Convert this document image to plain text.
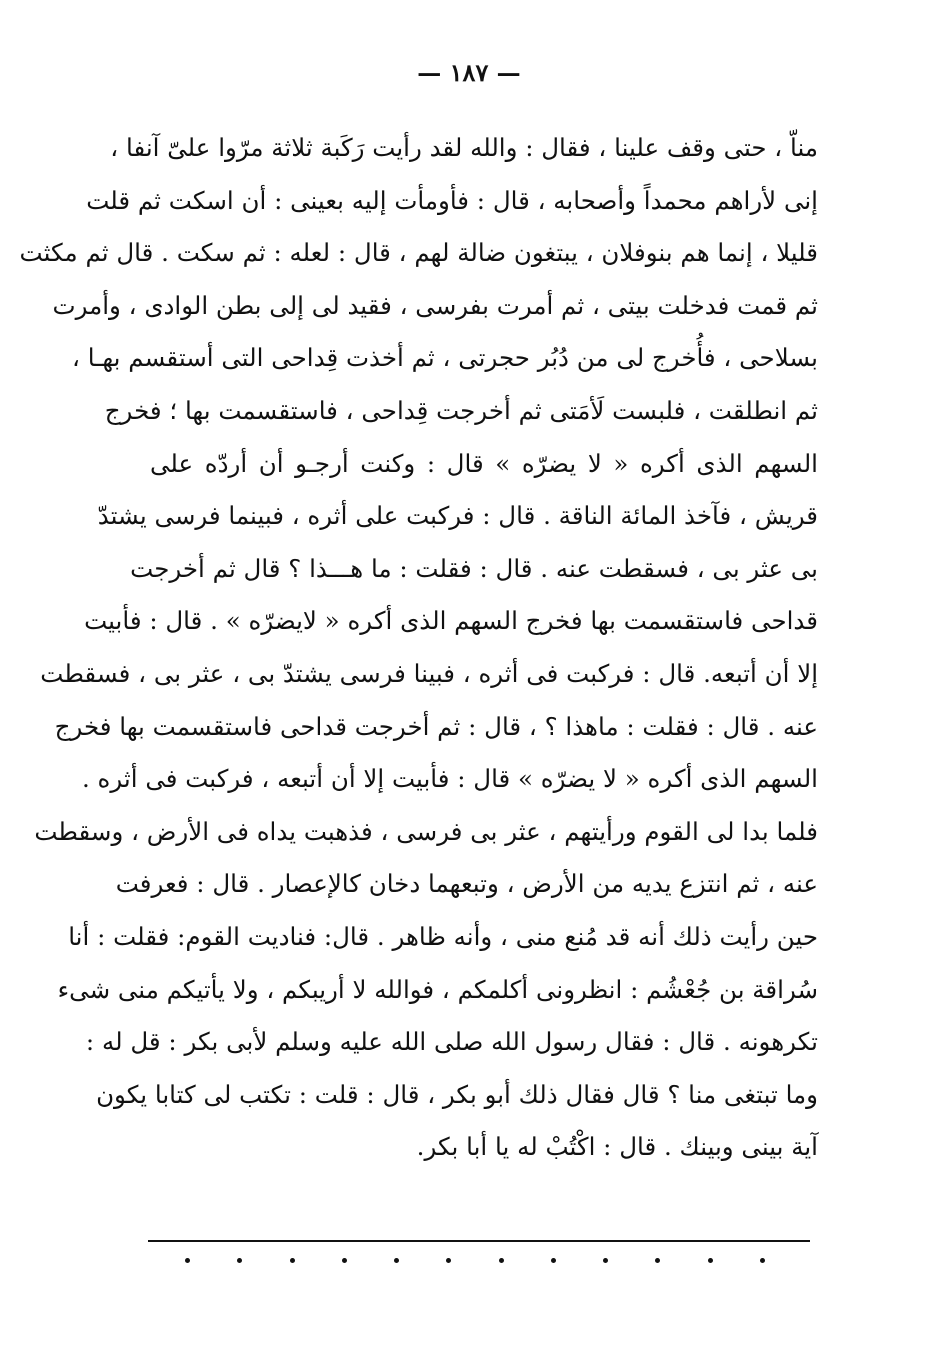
— ١٨٧ —
مناّ ، حتى وقف علينا ، فقال : والله لقد رأيت رَكَبة ثلاثة مرّوا علىّ آنفا ،
إنى لأراهم محمداً وأصحابه ، قال : فأومأت إليه بعينى : أن اسكت ثم قلت
قليلا ، إنما هم بنوفلان ، يبتغون ضالة لهم ، قال : لعله : ثم سكت . قال ثم مكثت
ثم قمت فدخلت بيتى ، ثم أمرت بفرسى ، فقيد لى إلى بطن الوادى ، وأمرت
بسلاحى ، فأُخرج لى من دُبُر حجرتى ، ثم أخذت قِداحى التى أستقسم بهـا ،
ثم انطلقت ، فلبست لَأمَتى ثم أخرجت قِداحى ، فاستقسمت بها ؛ فخرج
السهم الذى أكره « لا يضرّه » قال : وكنت أرجـو أن أردّه على
قريش ، فآخذ المائة الناقة . قال : فركبت على أثره ، فبينما فرسى يشتدّ
بى عثر بى ، فسقطت عنه . قال : فقلت : ما هـــذا ؟ قال ثم أخرجت
قداحى فاستقسمت بها فخرج السهم الذى أكره « لايضرّه » . قال : فأبيت
إلا أن أتبعه. قال : فركبت فى أثره ، فبينا فرسى يشتدّ بى ، عثر بى ، فسقطت
عنه . قال : فقلت : ماهذا ؟ ، قال : ثم أخرجت قداحى فاستقسمت بها فخرج
السهم الذى أكره « لا يضرّه » قال : فأبيت إلا أن أتبعه ، فركبت فى أثره .
فلما بدا لى القوم ورأيتهم ، عثر بى فرسى ، فذهبت يداه فى الأرض ، وسقطت
عنه ، ثم انتزع يديه من الأرض ، وتبعهما دخان كالإعصار . قال : فعرفت
حين رأيت ذلك أنه قد مُنع منى ، وأنه ظاهر . قال: فناديت القوم: فقلت : أنا
سُراقة بن جُعْشُم : انظرونى أكلمكم ، فوالله لا أريبكم ، ولا يأتيكم منى شىء
تكرهونه . قال : فقال رسول الله صلى الله عليه وسلم لأبى بكر : قل له :
وما تبتغى منا ؟ قال فقال ذلك أبو بكر ، قال : قلت : تكتب لى كتابا يكون
آية بينى وبينك . قال : اكْتُبْ له يا أبا بكر.
